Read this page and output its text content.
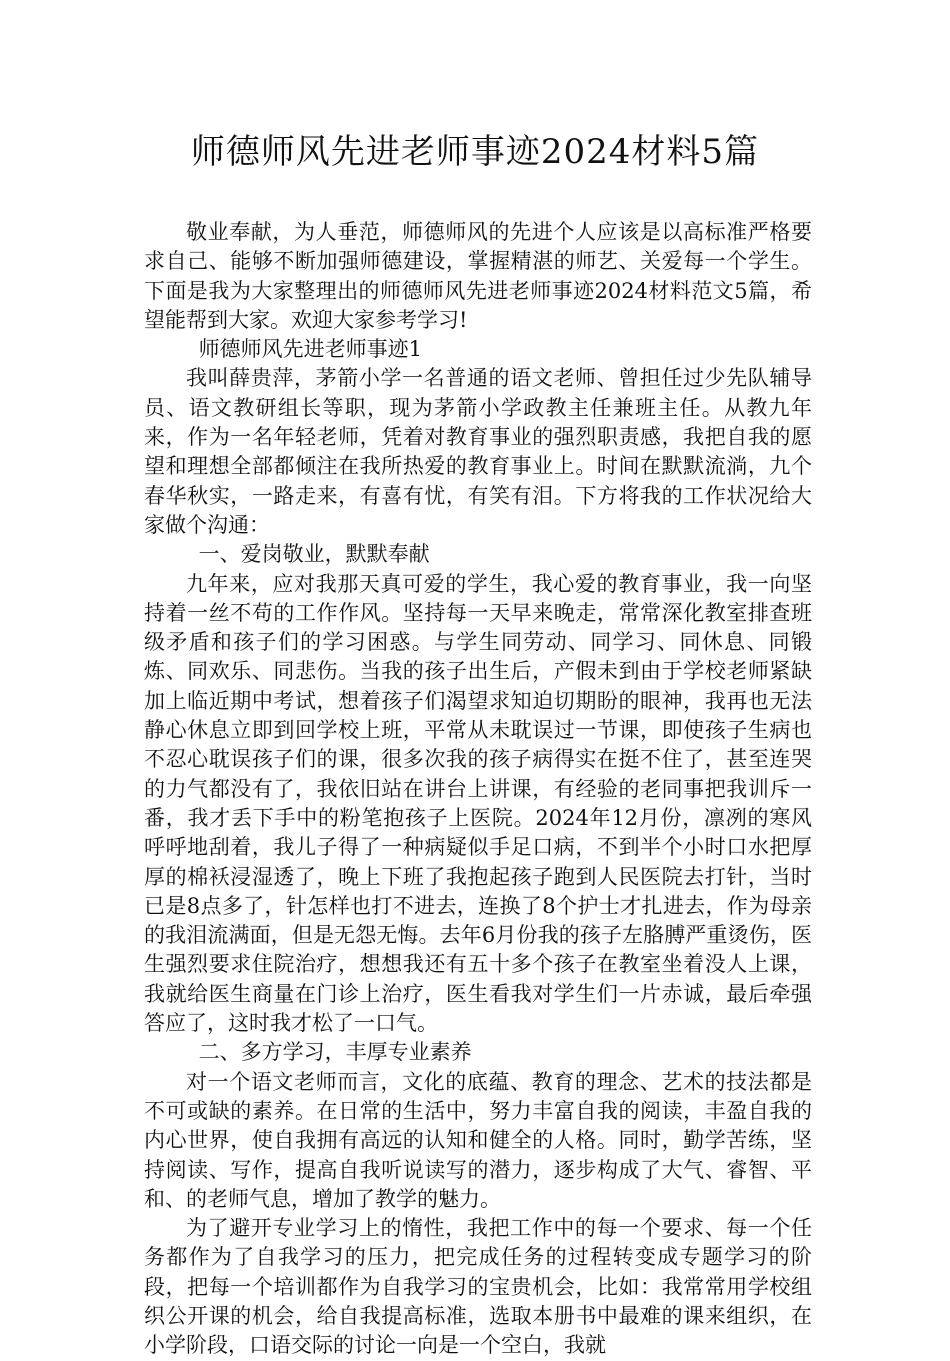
师德师风先进老师事迹2024材料5篇

敬业奉献，为人垂范，师德师风的先进个人应该是以高标准严格要求自己、能够不断加强师德建设，掌握精湛的师艺、关爱每一个学生。下面是我为大家整理出的师德师风先进老师事迹2024材料范文5篇，希望能帮到大家。欢迎大家参考学习!

师德师风先进老师事迹1

我叫薛贵萍，茅箭小学一名普通的语文老师、曾担任过少先队辅导员、语文教研组长等职，现为茅箭小学政教主任兼班主任。从教九年来，作为一名年轻老师，凭着对教育事业的强烈职责感，我把自我的愿望和理想全部都倾注在我所热爱的教育事业上。时间在默默流淌，九个春华秋实，一路走来，有喜有忧，有笑有泪。下方将我的工作状况给大家做个沟通：

一、爱岗敬业，默默奉献

九年来，应对我那天真可爱的学生，我心爱的教育事业，我一向坚持着一丝不苟的工作作风。坚持每一天早来晚走，常常深化教室排查班级矛盾和孩子们的学习困惑。与学生同劳动、同学习、同休息、同锻炼、同欢乐、同悲伤。当我的孩子出生后，产假未到由于学校老师紧缺加上临近期中考试，想着孩子们渴望求知迫切期盼的眼神，我再也无法静心休息立即到回学校上班，平常从未耽误过一节课，即使孩子生病也不忍心耽误孩子们的课，很多次我的孩子病得实在挺不住了，甚至连哭的力气都没有了，我依旧站在讲台上讲课，有经验的老同事把我训斥一番，我才丢下手中的粉笔抱孩子上医院。2024年12月份，凛冽的寒风呼呼地刮着，我儿子得了一种病疑似手足口病，不到半个小时口水把厚厚的棉袄浸湿透了，晚上下班了我抱起孩子跑到人民医院去打针，当时已是8点多了，针怎样也打不进去，连换了8个护士才扎进去，作为母亲的我泪流满面，但是无怨无悔。去年6月份我的孩子左胳膊严重烫伤，医生强烈要求住院治疗，想想我还有五十多个孩子在教室坐着没人上课，我就给医生商量在门诊上治疗，医生看我对学生们一片赤诚，最后牵强答应了，这时我才松了一口气。

二、多方学习，丰厚专业素养

对一个语文老师而言，文化的底蕴、教育的理念、艺术的技法都是不可或缺的素养。在日常的生活中，努力丰富自我的阅读，丰盈自我的内心世界，使自我拥有高远的认知和健全的人格。同时，勤学苦练，坚持阅读、写作，提高自我听说读写的潜力，逐步构成了大气、睿智、平和、的老师气息，增加了教学的魅力。

为了避开专业学习上的惰性，我把工作中的每一个要求、每一个任务都作为了自我学习的压力，把完成任务的过程转变成专题学习的阶段，把每一个培训都作为自我学习的宝贵机会，比如：我常常用学校组织公开课的机会，给自我提高标准，选取本册书中最难的课来组织，在小学阶段，口语交际的讨论一向是一个空白，我就
